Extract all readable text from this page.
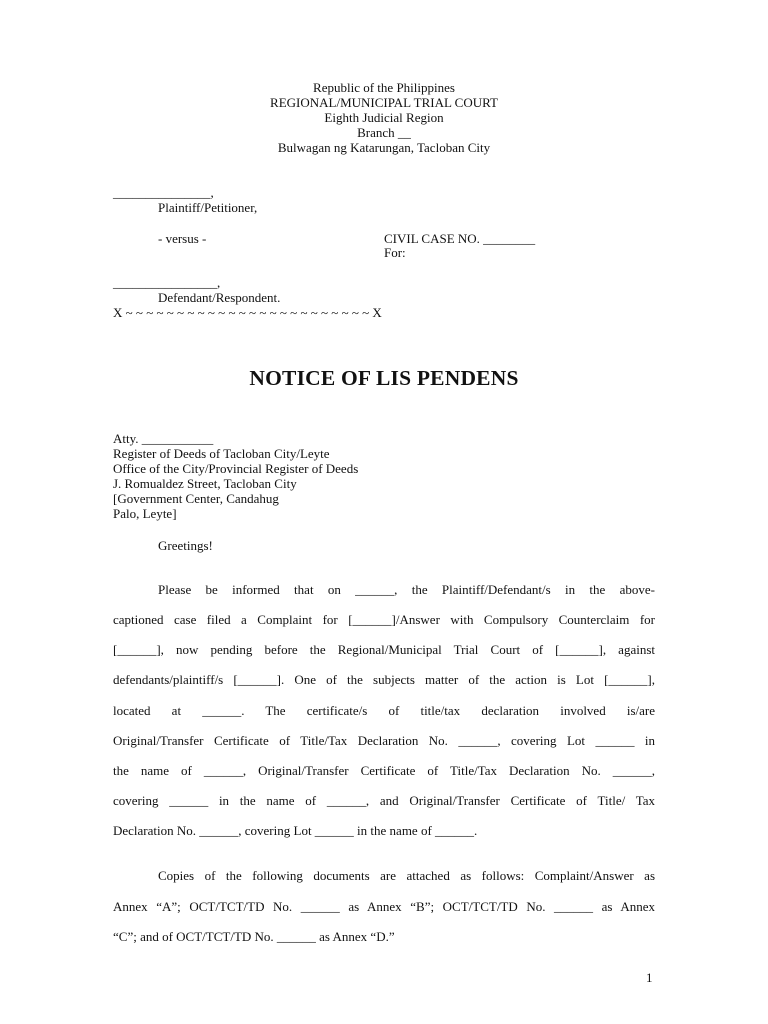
Republic of the Philippines
REGIONAL/MUNICIPAL TRIAL COURT
Eighth Judicial Region
Branch __
Bulwagan ng Katarungan, Tacloban City
_______________,
Plaintiff/Petitioner,
- versus -	CIVIL CASE NO. ________
For:
________________,
Defendant/Respondent.
X ~ ~ ~ ~ ~ ~ ~ ~ ~ ~ ~ ~ ~ ~ ~ ~ ~ ~ ~ ~ ~ ~ ~ ~ X
NOTICE OF LIS PENDENS
Atty. ___________
Register of Deeds of Tacloban City/Leyte
Office of the City/Provincial Register of Deeds
J. Romualdez Street, Tacloban City
[Government Center, Candahug
Palo, Leyte]
Greetings!
Please be informed that on ______, the Plaintiff/Defendant/s in the above-
captioned case filed a Complaint for [______]/Answer with Compulsory Counterclaim for
[______], now pending before the Regional/Municipal Trial Court of [______], against
defendants/plaintiff/s [______]. One of the subjects matter of the action is Lot [______],
located at ______. The certificate/s of title/tax declaration involved is/are
Original/Transfer Certificate of Title/Tax Declaration No. ______, covering Lot ______ in
the name of ______, Original/Transfer Certificate of Title/Tax Declaration No. ______,
covering ______ in the name of ______, and Original/Transfer Certificate of Title/ Tax
Declaration No. ______, covering Lot ______ in the name of ______.
Copies of the following documents are attached as follows: Complaint/Answer as
Annex “A”; OCT/TCT/TD No. ______ as Annex “B”; OCT/TCT/TD No. ______ as Annex
“C”; and of OCT/TCT/TD No. ______ as Annex “D.”
1
